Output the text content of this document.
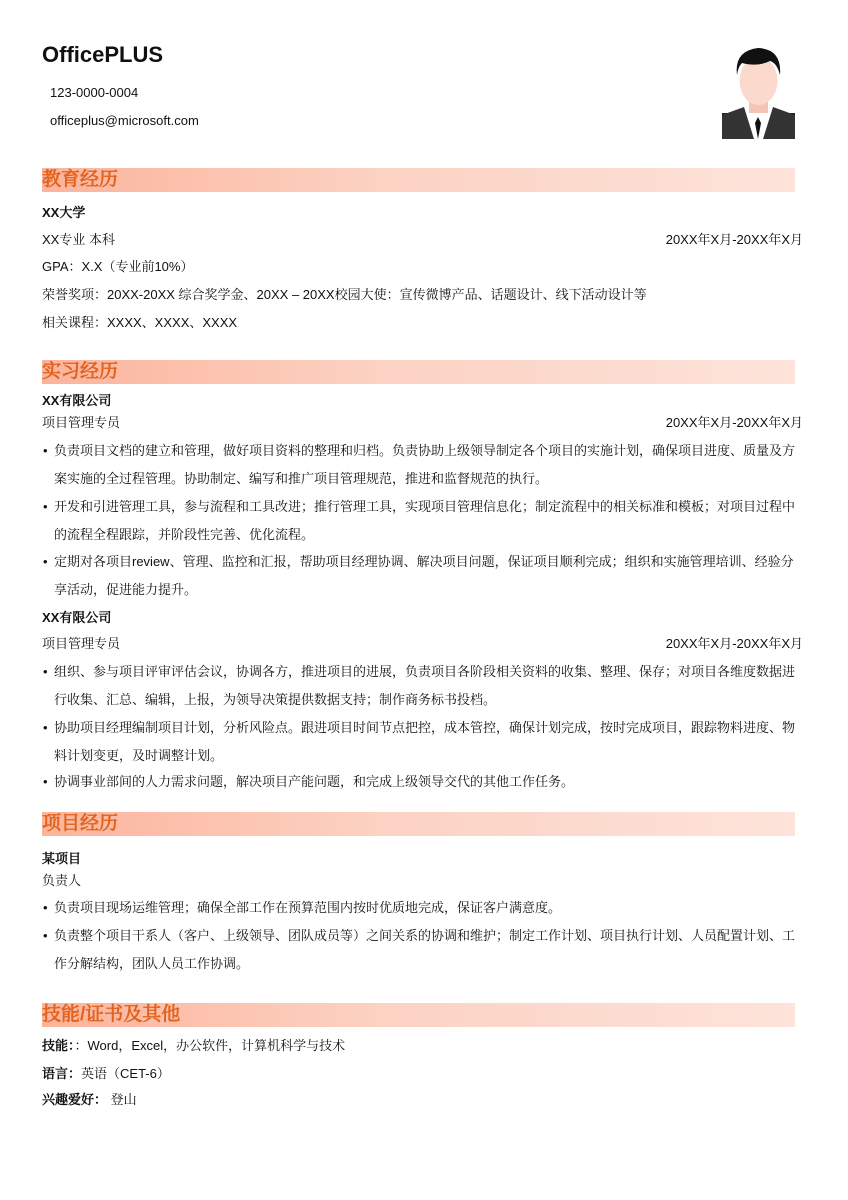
OfficePLUS
123-0000-0004
officeplus@microsoft.com
教育经历
XX大学
XX专业 本科	20XX年X月-20XX年X月
GPA：X.X（专业前10%）
荣誉奖项：20XX-20XX 综合奖学金、20XX – 20XX校园大使：宣传微博产品、话题设计、线下活动设计等
相关课程：XXXX、XXXX、XXXX
实习经历
XX有限公司
项目管理专员	20XX年X月-20XX年X月
• 负责项目文档的建立和管理，做好项目资料的整理和归档。负责协助上级领导制定各个项目的实施计划，确保项目进度、质量及方案实施的全过程管理。协助制定、编写和推广项目管理规范，推进和监督规范的执行。
• 开发和引进管理工具，参与流程和工具改进；推行管理工具，实现项目管理信息化；制定流程中的相关标准和模板；对项目过程中的流程全程跟踪，并阶段性完善、优化流程。
• 定期对各项目review、管理、监控和汇报，帮助项目经理协调、解决项目问题，保证项目顺利完成；组织和实施管理培训、经验分享活动，促进能力提升。
XX有限公司
项目管理专员	20XX年X月-20XX年X月
• 组织、参与项目评审评估会议，协调各方，推进项目的进展，负责项目各阶段相关资料的收集、整理、保存；对项目各维度数据进行收集、汇总、编辑，上报，为领导决策提供数据支持；制作商务标书投档。
• 协助项目经理编制项目计划，分析风险点。跟进项目时间节点把控，成本管控，确保计划完成，按时完成项目，跟踪物料进度、物料计划变更，及时调整计划。
• 协调事业部间的人力需求问题，解决项目产能问题，和完成上级领导交代的其他工作任务。
项目经历
某项目
负责人
• 负责项目现场运维管理；确保全部工作在预算范围内按时优质地完成，保证客户满意度。
• 负责整个项目干系人（客户、上级领导、团队成员等）之间关系的协调和维护；制定工作计划、项目执行计划、人员配置计划、工作分解结构，团队人员工作协调。
技能/证书及其他
技能：：Word，Excel，办公软件，计算机科学与技术
语言：英语（CET-6）
兴趣爱好： 登山
